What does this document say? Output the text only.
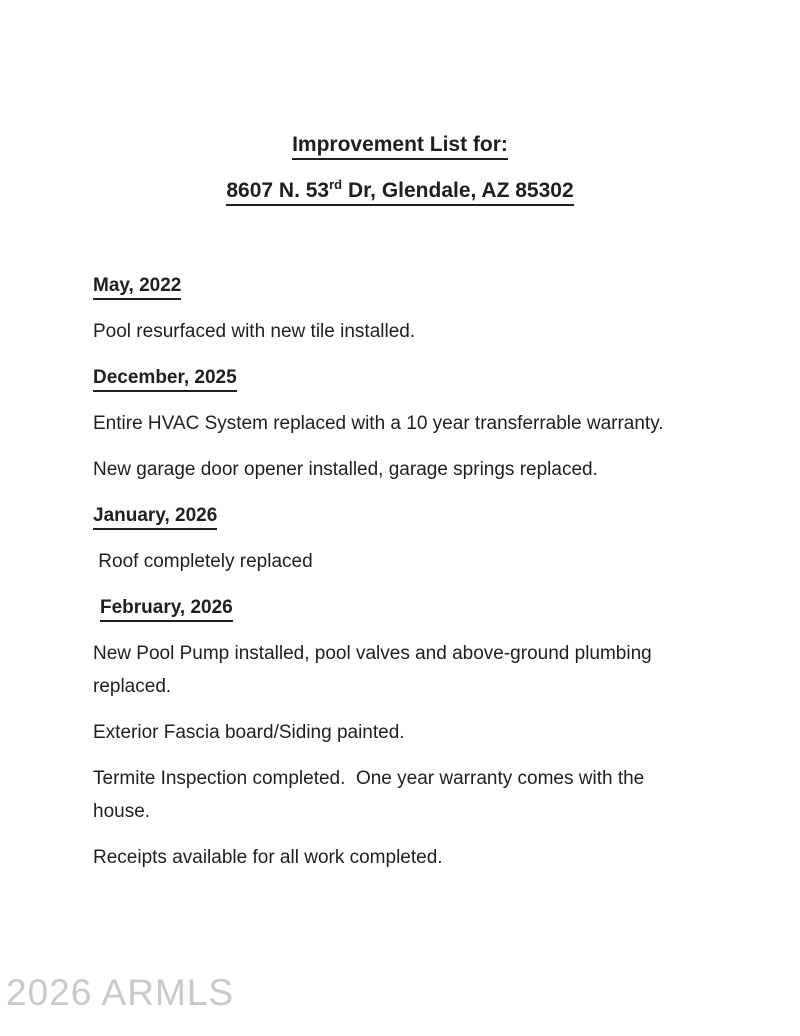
Improvement List for:
8607 N. 53rd Dr, Glendale, AZ 85302
May, 2022

Pool resurfaced with new tile installed.

December, 2025

Entire HVAC System replaced with a 10 year transferrable warranty.

New garage door opener installed, garage springs replaced.

January, 2026

Roof completely replaced

February, 2026

New Pool Pump installed, pool valves and above-ground plumbing replaced.

Exterior Fascia board/Siding painted.

Termite Inspection completed.  One year warranty comes with the house.

Receipts available for all work completed.

2026 ARMLS
